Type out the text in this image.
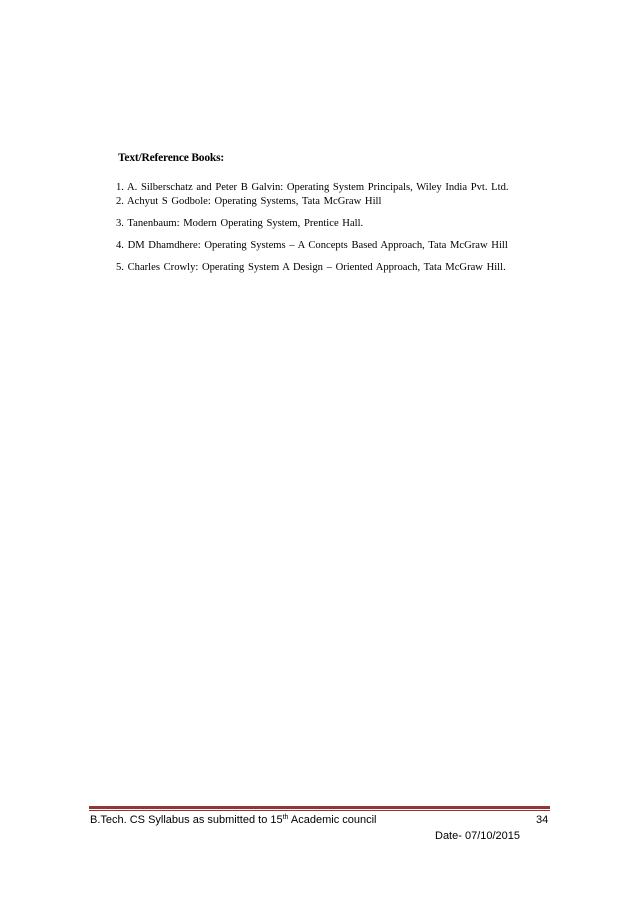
Text/Reference Books:
1. A. Silberschatz and Peter B Galvin: Operating System Principals, Wiley India Pvt. Ltd.
2. Achyut S Godbole: Operating Systems, Tata McGraw Hill
3. Tanenbaum: Modern Operating System, Prentice Hall.
4. DM Dhamdhere: Operating Systems – A Concepts Based Approach, Tata McGraw Hill
5. Charles Crowly: Operating System A Design – Oriented Approach, Tata McGraw Hill.
B.Tech. CS Syllabus as submitted to 15th Academic council	34
Date- 07/10/2015
